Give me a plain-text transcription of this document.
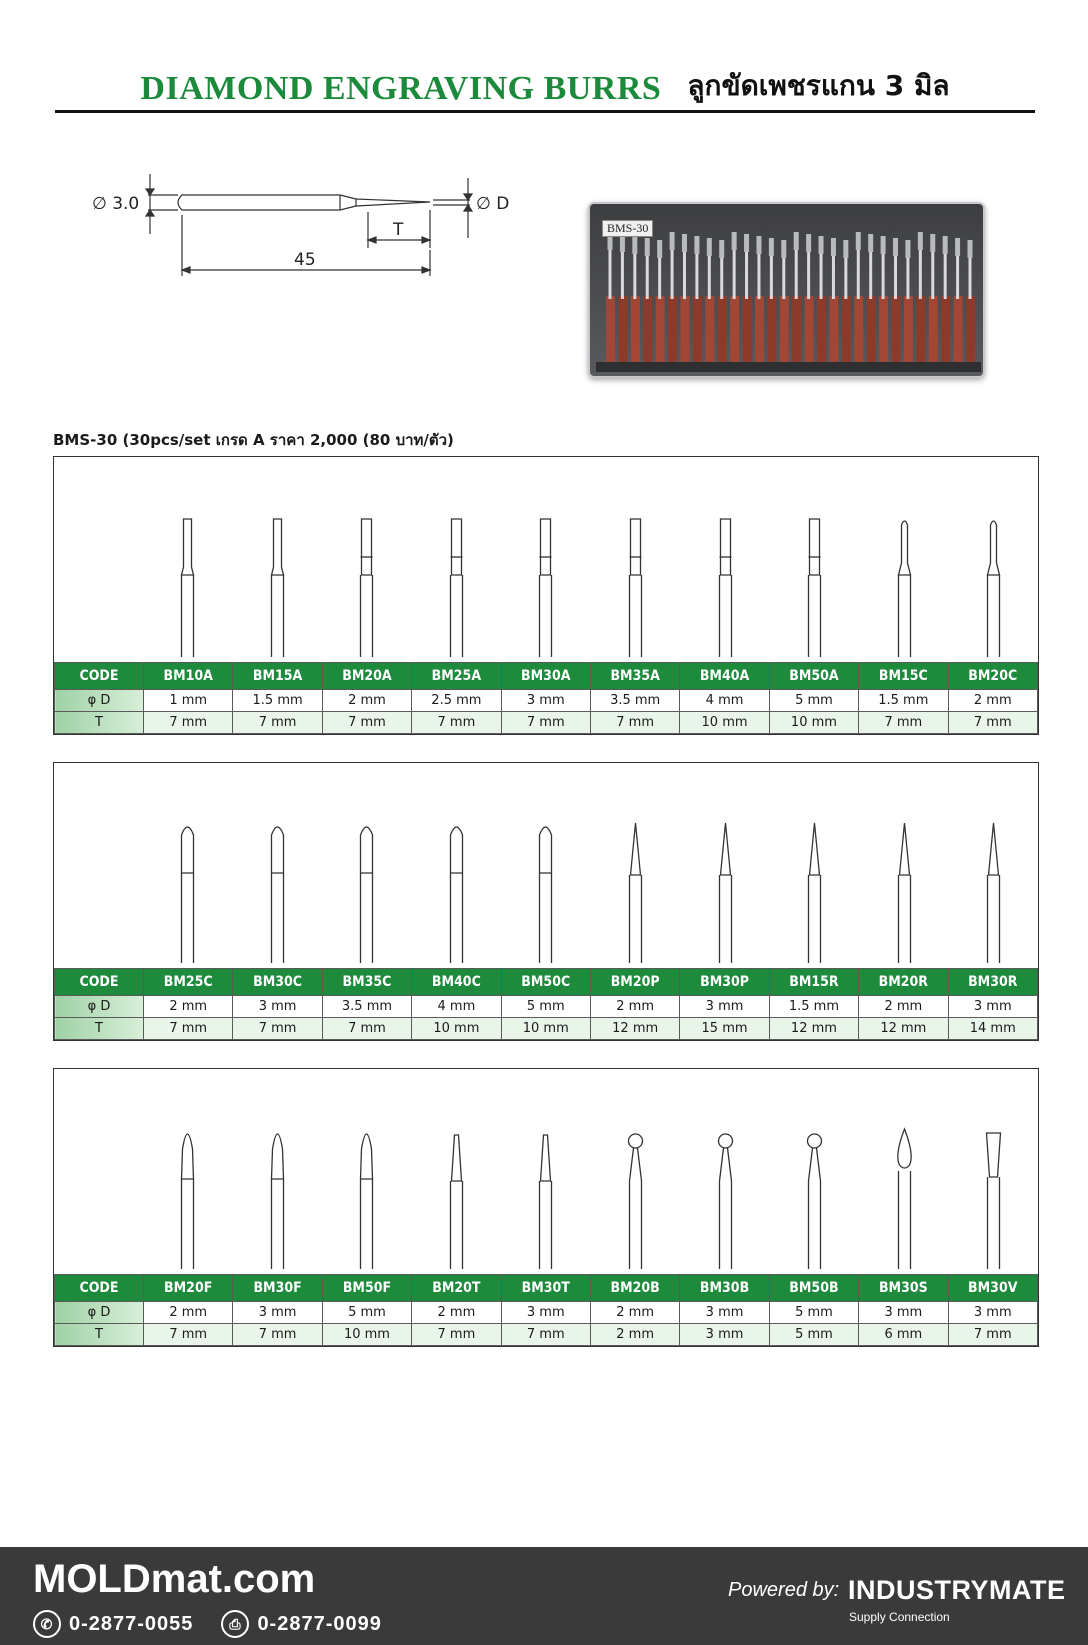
DIAMOND ENGRAVING BURRS ลูกขัดเพชรแกน 3 มิล
∅ 3.0	∅ D
T
45
BMS-30
BMS-30 (30pcs/set เกรด A ราคา 2,000 (80 บาท/ตัว)
CODE	BM10A	BM15A	BM20A	BM25A	BM30A	BM35A	BM40A	BM50A	BM15C	BM20C
φ D	1 mm	1.5 mm	2 mm	2.5 mm	3 mm	3.5 mm	4 mm	5 mm	1.5 mm	2 mm
T	7 mm	7 mm	7 mm	7 mm	7 mm	7 mm	10 mm	10 mm	7 mm	7 mm
CODE	BM25C	BM30C	BM35C	BM40C	BM50C	BM20P	BM30P	BM15R	BM20R	BM30R
φ D	2 mm	3 mm	3.5 mm	4 mm	5 mm	2 mm	3 mm	1.5 mm	2 mm	3 mm
T	7 mm	7 mm	7 mm	10 mm	10 mm	12 mm	15 mm	12 mm	12 mm	14 mm
CODE	BM20F	BM30F	BM50F	BM20T	BM30T	BM20B	BM30B	BM50B	BM30S	BM30V
φ D	2 mm	3 mm	5 mm	2 mm	3 mm	2 mm	3 mm	5 mm	3 mm	3 mm
T	7 mm	7 mm	10 mm	7 mm	7 mm	2 mm	3 mm	5 mm	6 mm	7 mm
MOLDmat.com
✆ 0-2877-0055	⎙ 0-2877-0099
Powered by: INDUSTRYMATE
Supply Connection
